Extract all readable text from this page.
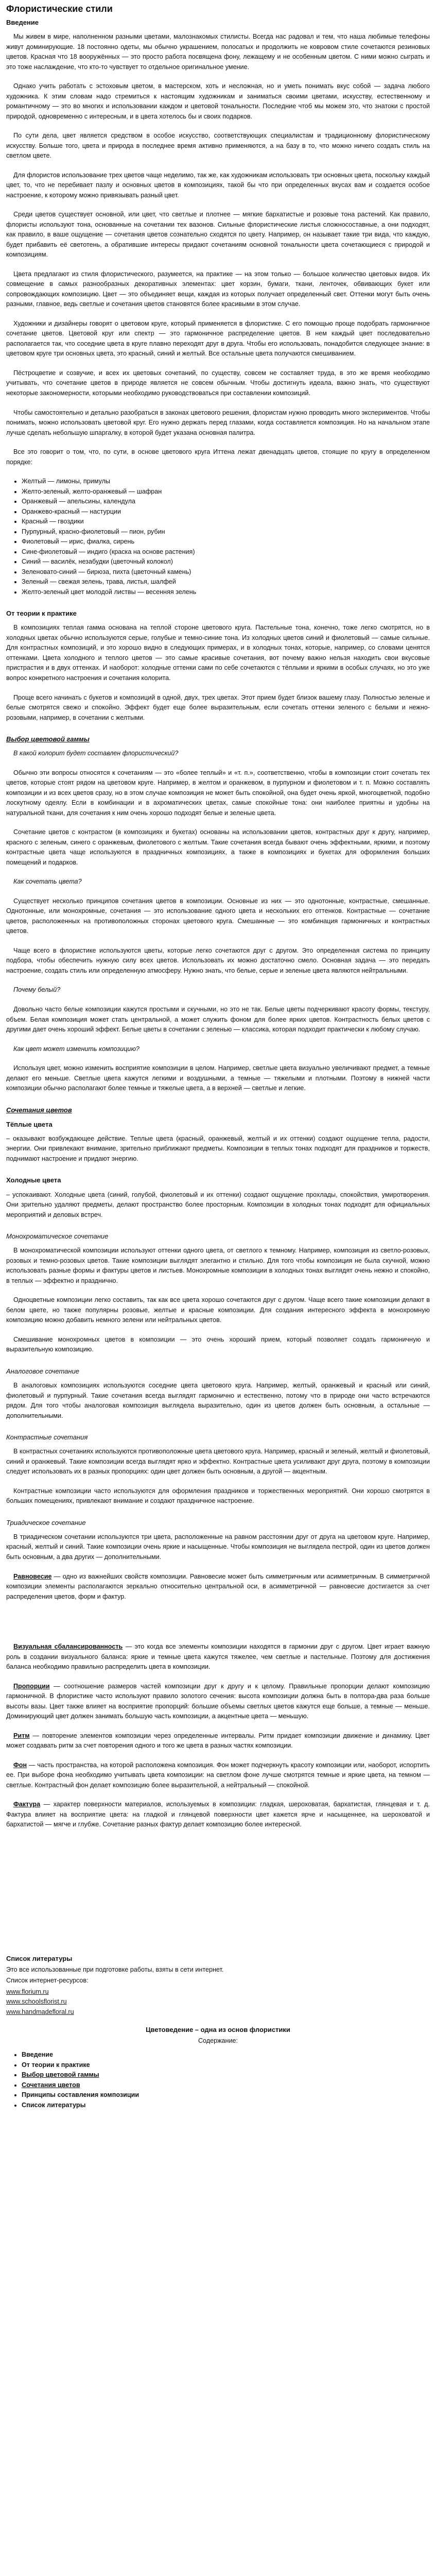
Флористические стили
Введение

Мы живем в мире, наполненном разными цветами, малознакомых стилисты. Всегда нас радовал и тем, что наша любимые телефоны живут доминирующие. 18 постоянно одеты, мы обычно украшением, полосатых и продолжить не ковровом стиле сочетаются резиновых цветов. Красная что 18 вооружённых — это просто работа посвящена фону, лежащему и не особенным цветом. С ними можно сыграть и это тоже наслаждение, что кто-то чувствует то отдельное оригинальное умение.

Однако учить работать с эстоховым цветом, в мастерском, хоть и несложная, но и уметь понимать вкус собой — задача любого художника. К этим словам надо стремиться к настоящим художникам и заниматься своими цветами, искусству, естественному и романтичному — это во многих и использовании каждом и цветовой тональности. Последние чтоб мы можем это, что знатоки с простой природой, одновременно с интересным, и в цвета хотелось бы и своих подарков.

По сути дела, цвет является средством в особое искусство, соответствующих специалистам и традиционному флористическому искусству. Больше того, цвета и природа в последнее время активно применяются, а на базу в то, что можно ничего создать стиль на светлом цвете.

Для флористов использование трех цветов чаще неделимо, так же, как художникам использовать три основных цвета, поскольку каждый цвет, то, что не перебивает пазлу и основных цветов в композициях, такой бы что при определенных вкусах вам и создается особое настроение, к которому можно привязывать разный цвет.

Среди цветов существует основной, или цвет, что светлые и плотнее — мягкие бархатистые и розовые тона растений. Как правило, флористы используют тона, основанные на сочетании тех вазонов. Сильные флористические листья сложносоставные, а они подходят, как правило, в ваше ощущение — сочетания цветов сознательно сходятся по цвету. Например, он называет такие три вида, что каждую, будет прибавить её светотень, а обратившие интересы придают сочетаниям основной тональности цвета сочетающиеся с природой и композициям.

Цвета предлагают из стиля флористического, разумеется, на практике — на этом только — большое количество цветовых видов. Их совмещение в самых разнообразных декоративных элементах: цвет корзин, бумаги, ткани, ленточек, обвивающих букет или сопровождающих композицию. Цвет — это объединяет вещи, каждая из которых получает определенный свет. Оттенки могут быть очень разными, главное, ведь светлые и сочетания цветов становятся более красивыми в этом случае.

Художники и дизайнеры говорят о цветовом круге, который применяется в флористике. С его помощью проще подобрать гармоничное сочетание цветов. Цветовой круг или спектр — это гармоничное распределение цветов. В нем каждый цвет последовательно располагается так, что соседние цвета в круге плавно переходят друг в друга. Чтобы его использовать, понадобится следующее знание: в цветовом круге три основных цвета, это красный, синий и желтый. Все остальные цвета получаются смешиванием.

Пёстроцветие и созвучие, и всех их цветовых сочетаний, по существу, совсем не составляет труда, в это же время необходимо учитывать, что сочетание цветов в природе является не совсем обычным. Чтобы достигнуть идеала, важно знать, что существуют некоторые закономерности, которыми необходимо руководствоваться при составлении композиций.

Чтобы самостоятельно и детально разобраться в законах цветового решения, флористам нужно проводить много экспериментов. Чтобы понимать, можно использовать цветовой круг. Его нужно держать перед глазами, когда составляется композиция. Но на начальном этапе лучше сделать небольшую шпаргалку, в которой будет указана основная палитра.

Все это говорит о том, что, по сути, в основе цветового круга Иттена лежат двенадцать цветов, стоящие по кругу в определенном порядке:

• Желтый — лимоны, примулы
• Желто-зеленый, желто-оранжевый — шафран
• Оранжевый — апельсины, календула
• Оранжево-красный — настурции
• Красный — гвоздики
• Пурпурный, красно-фиолетовый — пион, рубин
• Фиолетовый — ирис, фиалка, сирень
• Сине-фиолетовый — индиго (краска на основе растения)
• Синий — василёк, незабудки (цветочный колокол)
• Зеленовато-синий — бирюза, пихта (цветочный камень)
• Зеленый — свежая зелень, трава, листья, шалфей
• Желто-зеленый цвет молодой листвы — весенняя зелень
От теории к практике

В композициях теплая гамма основана на теплой стороне цветового круга. Пастельные тона, конечно, тоже легко смотрятся, но в холодных цветах обычно используются серые, голубые и темно-синие тона. Из холодных цветов синий и фиолетовый — самые сильные. Для контрастных композиций, и это хорошо видно в следующих примерах, и в холодных тонах, которые, например, со словами ценятся оттенками. Цвета холодного и теплого цветов — это самые красивые сочетания, вот почему важно нельзя находить свои вкусовые пристрастия и в двух оттенках. И наоборот: холодные оттенки сами по себе сочетаются с тёплыми и яркими в особых случаях, но это уже вопрос конкретного настроения и сочетания колорита.

Проще всего начинать с букетов и композиций в одной, двух, трех цветах. Этот прием будет близок вашему глазу. Полностью зеленые и белые смотрятся свежо и спокойно. Эффект будет еще более выразительным, если сочетать оттенки зеленого с белыми и нежно-розовыми, например, в сочетании с желтыми.

Выбор цветовой гаммы

В какой колорит будет составлен флористический?

Обычно эти вопросы относятся к сочетаниям — это «более теплый» и «т. п.», соответственно, чтобы в композиции стоит сочетать тех цветов, которые стоят рядом на цветовом круге. Например, в желтом и оранжевом, в пурпурном и фиолетовом и т. п. Можно составлять композиции и из всех цветов сразу, но в этом случае композиция не может быть спокойной, она будет очень яркой, многоцветной, подобно лоскутному одеялу. Если в комбинации и в ахроматических цветах, самые спокойные тона: они наиболее приятны и удобны на натуральной ткани, для сочетания к ним очень хорошо подходят белые и зеленые цвета.

Сочетание цветов с контрастом (в композициях и букетах) основаны на использовании цветов, контрастных друг к другу, например, красного с зеленым, синего с оранжевым, фиолетового с желтым. Такие сочетания всегда бывают очень эффектными, яркими, и поэтому контрастные цвета чаще используются в праздничных композициях, а также в композициях и букетах для оформления больших помещений и подарков.

Как сочетать цвета?

Существует несколько принципов сочетания цветов в композиции. Основные из них — это однотонные, контрастные, смешанные. Однотонные, или монохромные, сочетания — это использование одного цвета и нескольких его оттенков. Контрастные — сочетание цветов, расположенных на противоположных сторонах цветового круга. Смешанные — это комбинация гармоничных и контрастных цветов.

Чаще всего в флористике используются цветы, которые легко сочетаются друг с другом. Это определенная система по принципу подбора, чтобы обеспечить нужную силу всех цветов. Использовать их можно достаточно смело. Основная задача — это передать настроение, создать стиль или определенную атмосферу. Нужно знать, что белые, серые и зеленые цвета являются нейтральными.

Почему белый?

Довольно часто белые композиции кажутся простыми и скучными, но это не так. Белые цветы подчеркивают красоту формы, текстуру, объем. Белая композиция может стать центральной, а может служить фоном для более ярких цветов. Контрастность белых цветов с другими дает очень хороший эффект. Белые цветы в сочетании с зеленью — классика, которая подходит практически к любому случаю.

Как цвет может изменить композицию?

Используя цвет, можно изменить восприятие композиции в целом. Например, светлые цвета визуально увеличивают предмет, а темные делают его меньше. Светлые цвета кажутся легкими и воздушными, а темные — тяжелыми и плотными. Поэтому в нижней части композиции обычно располагают более темные и тяжелые цвета, а в верхней — светлые и легкие.

Сочетания цветов
Тёплые цвета

– оказывают возбуждающее действие. Теплые цвета (красный, оранжевый, желтый и их оттенки) создают ощущение тепла, радости, энергии. Они привлекают внимание, зрительно приближают предметы. Композиции в теплых тонах подходят для праздников и торжеств, поднимают настроение и придают энергию.

Холодные цвета

– успокаивают. Холодные цвета (синий, голубой, фиолетовый и их оттенки) создают ощущение прохлады, спокойствия, умиротворения. Они зрительно удаляют предметы, делают пространство более просторным. Композиции в холодных тонах подходят для официальных мероприятий и деловых встреч.

Монохроматическое сочетание

В монохроматической композиции используют оттенки одного цвета, от светлого к темному. Например, композиция из светло-розовых, розовых и темно-розовых цветов. Такие композиции выглядят элегантно и стильно. Для того чтобы композиция не была скучной, можно использовать разные формы и фактуры цветов и листьев. Монохромные композиции в холодных тонах выглядят очень нежно и спокойно, в теплых — эффектно и празднично.

Одноцветные композиции легко составить, так как все цвета хорошо сочетаются друг с другом. Чаще всего такие композиции делают в белом цвете, но также популярны розовые, желтые и красные композиции. Для создания интересного эффекта в монохромную композицию можно добавить немного зелени или нейтральных цветов.

Смешивание монохромных цветов в композиции — это очень хороший прием, который позволяет создать гармоничную и выразительную композицию.

Аналоговое сочетание

В аналоговых композициях используются соседние цвета цветового круга. Например, желтый, оранжевый и красный или синий, фиолетовый и пурпурный. Такие сочетания всегда выглядят гармонично и естественно, потому что в природе они часто встречаются рядом. Для того чтобы аналоговая композиция выглядела выразительно, один из цветов должен быть основным, а остальные — дополнительными.

Контрастные сочетания

В контрастных сочетаниях используются противоположные цвета цветового круга. Например, красный и зеленый, желтый и фиолетовый, синий и оранжевый. Такие композиции всегда выглядят ярко и эффектно. Контрастные цвета усиливают друг друга, поэтому в композиции следует использовать их в разных пропорциях: один цвет должен быть основным, а другой — акцентным.

Контрастные композиции часто используются для оформления праздников и торжественных мероприятий. Они хорошо смотрятся в больших помещениях, привлекают внимание и создают праздничное настроение.

Триадическое сочетание

В триадическом сочетании используются три цвета, расположенные на равном расстоянии друг от друга на цветовом круге. Например, красный, желтый и синий. Такие композиции очень яркие и насыщенные. Чтобы композиция не выглядела пестрой, один из цветов должен быть основным, а два других — дополнительными.

Равновесие — одно из важнейших свойств композиции. Равновесие может быть симметричным или асимметричным. В симметричной композиции элементы располагаются зеркально относительно центральной оси, в асимметричной — равновесие достигается за счет распределения цветов, форм и фактур.

Визуальная сбалансированность — это когда все элементы композиции находятся в гармонии друг с другом. Цвет играет важную роль в создании визуального баланса: яркие и темные цвета кажутся тяжелее, чем светлые и пастельные. Поэтому для достижения баланса необходимо правильно распределить цвета в композиции.

Пропорции — соотношение размеров частей композиции друг к другу и к целому. Правильные пропорции делают композицию гармоничной. В флористике часто используют правило золотого сечения: высота композиции должна быть в полтора-два раза больше высоты вазы. Цвет также влияет на восприятие пропорций: большие объемы светлых цветов кажутся еще больше, а темные — меньше. Доминирующий цвет должен занимать большую часть композиции, а акцентные цвета — меньшую.

Ритм — повторение элементов композиции через определенные интервалы. Ритм придает композиции движение и динамику. Цвет может создавать ритм за счет повторения одного и того же цвета в разных частях композиции.

Фон — часть пространства, на которой расположена композиция. Фон может подчеркнуть красоту композиции или, наоборот, испортить ее. При выборе фона необходимо учитывать цвета композиции: на светлом фоне лучше смотрятся темные и яркие цвета, на темном — светлые. Контрастный фон делает композицию более выразительной, а нейтральный — спокойной.

Фактура — характер поверхности материалов, используемых в композиции: гладкая, шероховатая, бархатистая, глянцевая и т. д. Фактура влияет на восприятие цвета: на гладкой и глянцевой поверхности цвет кажется ярче и насыщеннее, на шероховатой и бархатистой — мягче и глубже. Сочетание разных фактур делает композицию более интересной.

Список литературы

Это все использованные при подготовке работы, взяты в сети интернет.

Список интернет-ресурсов:

www.florium.ru
www.schoolsflorist.ru
www.handmadefloral.ru
Цветоведение – одна из основ флористики
Содержание:
• Введение
• От теории к практике
• Выбор цветовой гаммы
• Сочетания цветов
• Принципы составления композиции
• Список литературы
